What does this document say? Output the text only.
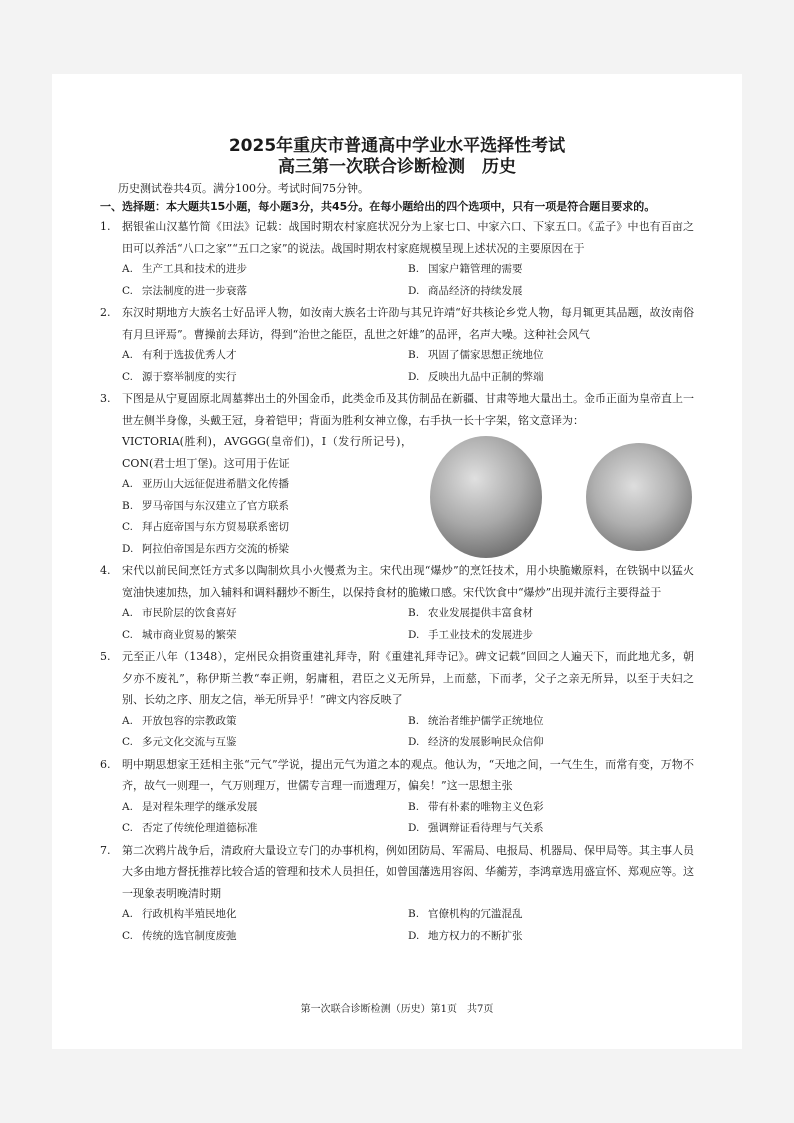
2025年重庆市普通高中学业水平选择性考试
高三第一次联合诊断检测　历史
历史测试卷共4页。满分100分。考试时间75分钟。
一、选择题：本大题共15小题，每小题3分，共45分。在每小题给出的四个选项中，只有一项是符合题目要求的。
1. 据银雀山汉墓竹简《田法》记载：战国时期农村家庭状况分为上家七口、中家六口、下家五口。《孟子》中也有百亩之田可以养活“八口之家”“五口之家”的说法。战国时期农村家庭规模呈现上述状况的主要原因在于
A. 生产工具和技术的进步	B. 国家户籍管理的需要
C. 宗法制度的进一步衰落	D. 商品经济的持续发展
2. 东汉时期地方大族名士好品评人物，如汝南大族名士许劭与其兄许靖“好共核论乡党人物，每月辄更其品题，故汝南俗有月旦评焉”。曹操前去拜访，得到“治世之能臣，乱世之奸雄”的品评，名声大噪。这种社会风气
A. 有利于选拔优秀人才	B. 巩固了儒家思想正统地位
C. 源于察举制度的实行	D. 反映出九品中正制的弊端
3. 下图是从宁夏固原北周墓葬出土的外国金币，此类金币及其仿制品在新疆、甘肃等地大量出土。金币正面为皇帝直上一世左侧半身像，头戴王冠，身着铠甲；背面为胜利女神立像，右手执一长十字架，铭文意译为：
VICTORIA(胜利)，AVGGG(皇帝们)，I（发行所记号)，CON(君士坦丁堡)。这可用于佐证
A. 亚历山大远征促进希腊文化传播
B. 罗马帝国与东汉建立了官方联系
C. 拜占庭帝国与东方贸易联系密切
D. 阿拉伯帝国是东西方交流的桥梁
4. 宋代以前民间烹饪方式多以陶制炊具小火慢煮为主。宋代出现“爆炒”的烹饪技术，用小块脆嫩原料，在铁锅中以猛火宽油快速加热，加入辅料和调料翻炒不断生，以保持食材的脆嫩口感。宋代饮食中“爆炒”出现并流行主要得益于
A. 市民阶层的饮食喜好	B. 农业发展提供丰富食材
C. 城市商业贸易的繁荣	D. 手工业技术的发展进步
5. 元至正八年（1348），定州民众捐资重建礼拜寺，附《重建礼拜寺记》。碑文记载“回回之人遍天下，而此地尤多，朝夕亦不废礼”，称伊斯兰教“奉正朔，躬庸租，君臣之义无所异，上而慈，下而孝，父子之亲无所异，以至于夫妇之别、长幼之序、朋友之信，举无所异乎！”碑文内容反映了
A. 开放包容的宗教政策	B. 统治者维护儒学正统地位
C. 多元文化交流与互鉴	D. 经济的发展影响民众信仰
6. 明中期思想家王廷相主张“元气”学说，提出元气为道之本的观点。他认为，“天地之间，一气生生，而常有变，万物不齐，故气一则理一，气万则理万，世儒专言理一而遗理万，偏矣！”这一思想主张
A. 是对程朱理学的继承发展	B. 带有朴素的唯物主义色彩
C. 否定了传统伦理道德标准	D. 强调辩证看待理与气关系
7. 第二次鸦片战争后，清政府大量设立专门的办事机构，例如团防局、军需局、电报局、机器局、保甲局等。其主事人员大多由地方督抚推荐比较合适的管理和技术人员担任，如曾国藩选用容闳、华蘅芳，李鸿章选用盛宣怀、郑观应等。这一现象表明晚清时期
A. 行政机构半殖民地化	B. 官僚机构的冗滥混乱
C. 传统的选官制度废弛	D. 地方权力的不断扩张
第一次联合诊断检测（历史）第1页　共7页
